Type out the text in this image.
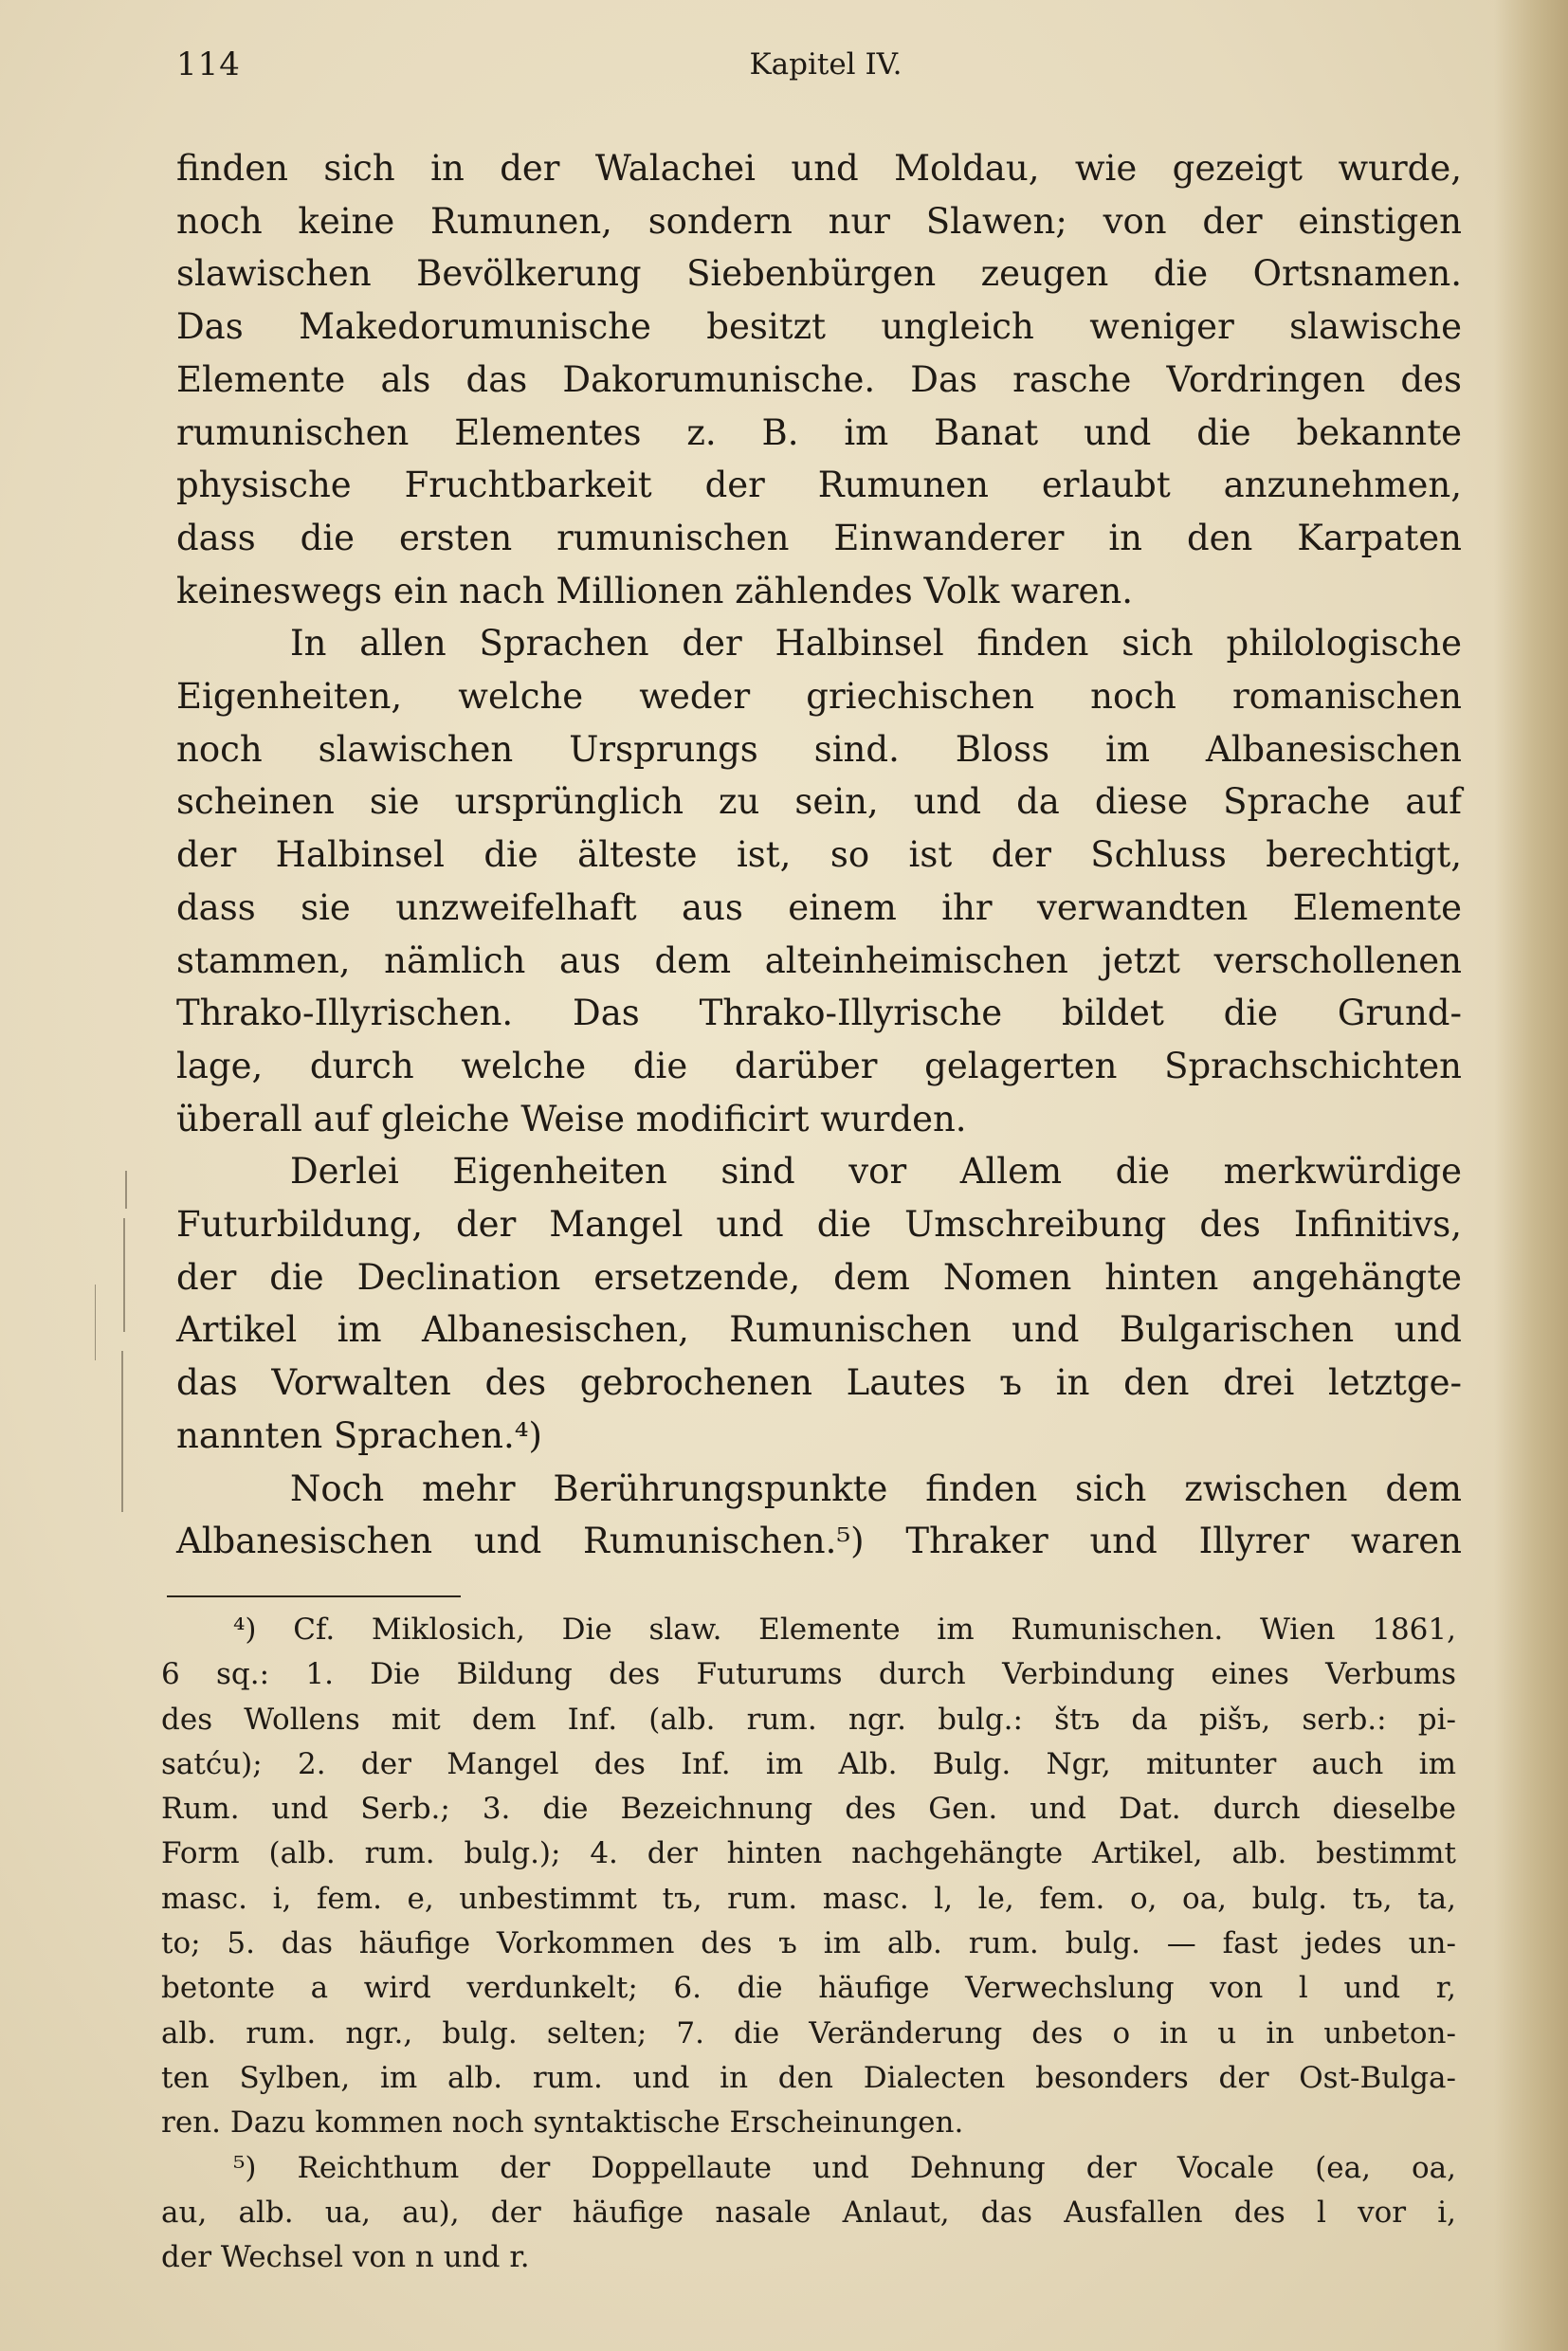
114	Kapitel IV.
finden sich in der Walachei und Moldau, wie gezeigt wurde,
noch keine Rumunen, sondern nur Slawen; von der einstigen
slawischen Bevölkerung Siebenbürgen zeugen die Ortsnamen.
Das Makedorumunische besitzt ungleich weniger slawische
Elemente als das Dakorumunische. Das rasche Vordringen des
rumunischen Elementes z. B. im Banat und die bekannte
physische Fruchtbarkeit der Rumunen erlaubt anzunehmen,
dass die ersten rumunischen Einwanderer in den Karpaten
keineswegs ein nach Millionen zählendes Volk waren.
In allen Sprachen der Halbinsel finden sich philologische
Eigenheiten, welche weder griechischen noch romanischen
noch slawischen Ursprungs sind. Bloss im Albanesischen
scheinen sie ursprünglich zu sein, und da diese Sprache auf
der Halbinsel die älteste ist, so ist der Schluss berechtigt,
dass sie unzweifelhaft aus einem ihr verwandten Elemente
stammen, nämlich aus dem alteinheimischen jetzt verschollenen
Thrako-Illyrischen. Das Thrako-Illyrische bildet die Grund-
lage, durch welche die darüber gelagerten Sprachschichten
überall auf gleiche Weise modificirt wurden.
Derlei Eigenheiten sind vor Allem die merkwürdige
Futurbildung, der Mangel und die Umschreibung des Infinitivs,
der die Declination ersetzende, dem Nomen hinten angehängte
Artikel im Albanesischen, Rumunischen und Bulgarischen und
das Vorwalten des gebrochenen Lautes ъ in den drei letztge-
nannten Sprachen.⁴)
Noch mehr Berührungspunkte finden sich zwischen dem
Albanesischen und Rumunischen.⁵) Thraker und Illyrer waren
⁴) Cf. Miklosich, Die slaw. Elemente im Rumunischen. Wien 1861,
6 sq.: 1. Die Bildung des Futurums durch Verbindung eines Verbums
des Wollens mit dem Inf. (alb. rum. ngr. bulg.: štъ da pišъ, serb.: pi-
satću); 2. der Mangel des Inf. im Alb. Bulg. Ngr, mitunter auch im
Rum. und Serb.; 3. die Bezeichnung des Gen. und Dat. durch dieselbe
Form (alb. rum. bulg.); 4. der hinten nachgehängte Artikel, alb. bestimmt
masc. i, fem. e, unbestimmt tъ, rum. masc. l, le, fem. o, oa, bulg. tъ, ta,
to; 5. das häufige Vorkommen des ъ im alb. rum. bulg. — fast jedes un-
betonte a wird verdunkelt; 6. die häufige Verwechslung von l und r,
alb. rum. ngr., bulg. selten; 7. die Veränderung des o in u in unbeton-
ten Sylben, im alb. rum. und in den Dialecten besonders der Ost-Bulga-
ren. Dazu kommen noch syntaktische Erscheinungen.
⁵) Reichthum der Doppellaute und Dehnung der Vocale (ea, oa,
au, alb. ua, au), der häufige nasale Anlaut, das Ausfallen des l vor i,
der Wechsel von n und r.
